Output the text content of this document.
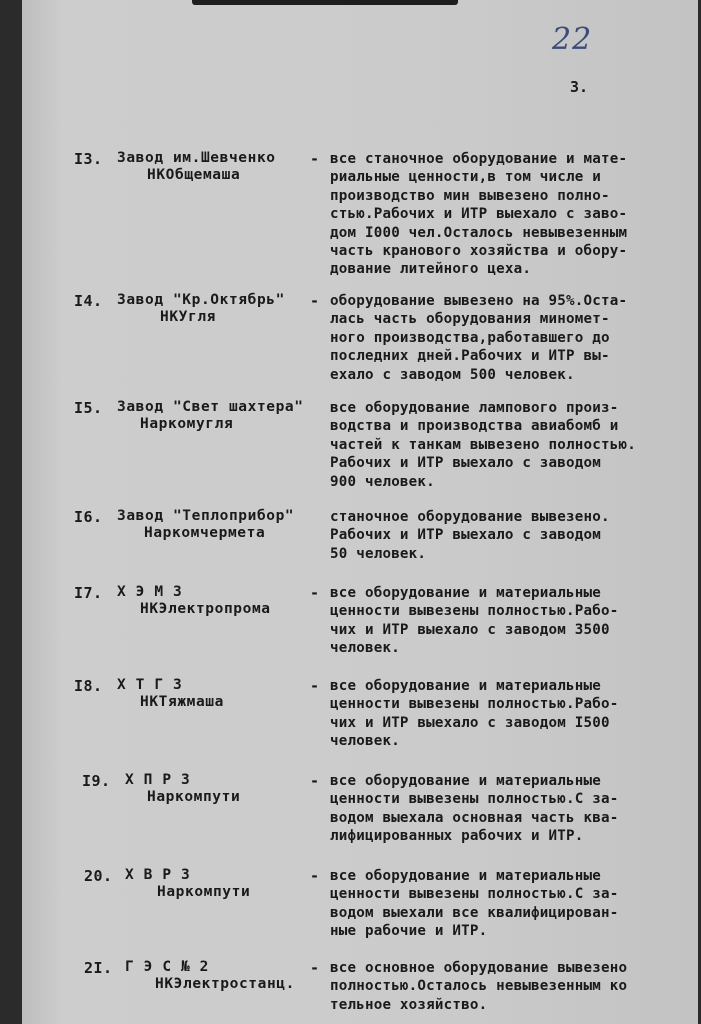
22
3.
I3. Завод им.Шевченко
НКОбщемаша
- все станочное оборудование и мате-
риальные ценности,в том числе и
производство мин вывезено полно-
стью.Рабочих и ИТР выехало с заво-
дом I000 чел.Осталось невывезенным
часть кранового хозяйства и обору-
дование литейного цеха.
I4. Завод "Кр.Октябрь"
НКУгля
- оборудование вывезено на 95%.Оста-
лась часть оборудования миномет-
ного производства,работавшего до
последних дней.Рабочих и ИТР вы-
ехало с заводом 500 человек.
I5. Завод "Свет шахтера"
Наркомугля
все оборудование лампового произ-
водства и производства авиабомб и
частей к танкам вывезено полностью.
Рабочих и ИТР выехало с заводом
900 человек.
I6. Завод "Теплоприбор"
Наркомчермета
станочное оборудование вывезено.
Рабочих и ИТР выехало с заводом
50 человек.
I7. Х Э М З
НКЭлектропрома
- все оборудование и материальные
ценности вывезены полностью.Рабо-
чих и ИТР выехало с заводом 3500
человек.
I8. Х Т Г З
НКТяжмаша
- все оборудование и материальные
ценности вывезены полностью.Рабо-
чих и ИТР выехало с заводом I500
человек.
I9. Х П Р З
Наркомпути
- все оборудование и материальные
ценности вывезены полностью.С за-
водом выехала основная часть ква-
лифицированных рабочих и ИТР.
20. Х В Р З
Наркомпути
- все оборудование и материальные
ценности вывезены полностью.С за-
водом выехали все квалифицирован-
ные рабочие и ИТР.
2I. Г Э С № 2
НКЭлектростанц.
- все основное оборудование вывезено
полностью.Осталось невывезенным ко
тельное хозяйство.
